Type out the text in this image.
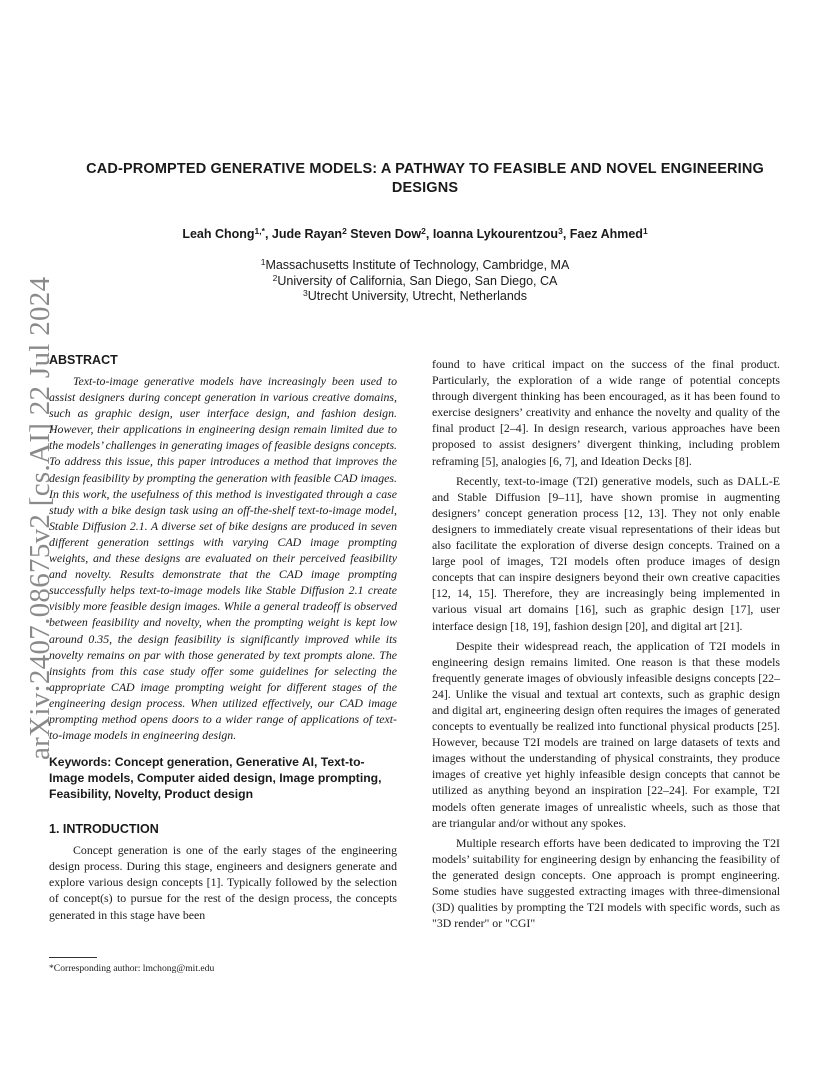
arXiv:2407.08675v2 [cs.AI] 22 Jul 2024
CAD-PROMPTED GENERATIVE MODELS: A PATHWAY TO FEASIBLE AND NOVEL ENGINEERING
DESIGNS
Leah Chong$^{1,*}$, Jude Rayan$^2$ Steven Dow$^2$, Ioanna Lykourentzou$^3$, Faez Ahmed$^1$
$^1$Massachusetts Institute of Technology, Cambridge, MA
$^2$University of California, San Diego, San Diego, CA
$^3$Utrecht University, Utrecht, Netherlands
ABSTRACT

Text-to-image generative models have increasingly been used to assist designers during concept generation in various creative domains, such as graphic design, user interface design, and fashion design. However, their applications in engineering design remain limited due to the models’ challenges in generating images of feasible designs concepts. To address this issue, this paper introduces a method that improves the design feasibility by prompting the generation with feasible CAD images. In this work, the usefulness of this method is investigated through a case study with a bike design task using an off-the-shelf text-to-image model, Stable Diffusion 2.1. A diverse set of bike designs are produced in seven different generation settings with varying CAD image prompting weights, and these designs are evaluated on their perceived feasibility and novelty. Results demonstrate that the CAD image prompting successfully helps text-to-image models like Stable Diffusion 2.1 create visibly more feasible design images. While a general tradeoff is observed between feasibility and novelty, when the prompting weight is kept low around 0.35, the design feasibility is significantly improved while its novelty remains on par with those generated by text prompts alone. The insights from this case study offer some guidelines for selecting the appropriate CAD image prompting weight for different stages of the engineering design process. When utilized effectively, our CAD image prompting method opens doors to a wider range of applications of text-to-image models in engineering design.

Keywords: Concept generation, Generative AI, Text-to-Image models, Computer aided design, Image prompting, Feasibility, Novelty, Product design

1. INTRODUCTION

Concept generation is one of the early stages of the engineering design process. During this stage, engineers and designers generate and explore various design concepts [1]. Typically followed by the selection of concept(s) to pursue for the rest of the design process, the concepts generated in this stage have been

*Corresponding author: lmchong@mit.edu

found to have critical impact on the success of the final product. Particularly, the exploration of a wide range of potential concepts through divergent thinking has been encouraged, as it has been found to exercise designers’ creativity and enhance the novelty and quality of the final product [2–4]. In design research, various approaches have been proposed to assist designers’ divergent thinking, including problem reframing [5], analogies [6, 7], and Ideation Decks [8].

Recently, text-to-image (T2I) generative models, such as DALL-E and Stable Diffusion [9–11], have shown promise in augmenting designers’ concept generation process [12, 13]. They not only enable designers to immediately create visual representations of their ideas but also facilitate the exploration of diverse design concepts. Trained on a large pool of images, T2I models often produce images of design concepts that can inspire designers beyond their own creative capacities [12, 14, 15]. Therefore, they are increasingly being implemented in various visual art domains [16], such as graphic design [17], user interface design [18, 19], fashion design [20], and digital art [21].

Despite their widespread reach, the application of T2I models in engineering design remains limited. One reason is that these models frequently generate images of obviously infeasible designs concepts [22–24]. Unlike the visual and textual art contexts, such as graphic design and digital art, engineering design often requires the images of generated concepts to eventually be realized into functional physical products [25]. However, because T2I models are trained on large datasets of texts and images without the understanding of physical constraints, they produce images of creative yet highly infeasible design concepts that cannot be utilized as anything beyond an inspiration [22–24]. For example, T2I models often generate images of unrealistic wheels, such as those that are triangular and/or without any spokes.

Multiple research efforts have been dedicated to improving the T2I models’ suitability for engineering design by enhancing the feasibility of the generated design concepts. One approach is prompt engineering. Some studies have suggested extracting images with three-dimensional (3D) qualities by prompting the T2I models with specific words, such as "3D render" or "CGI"
